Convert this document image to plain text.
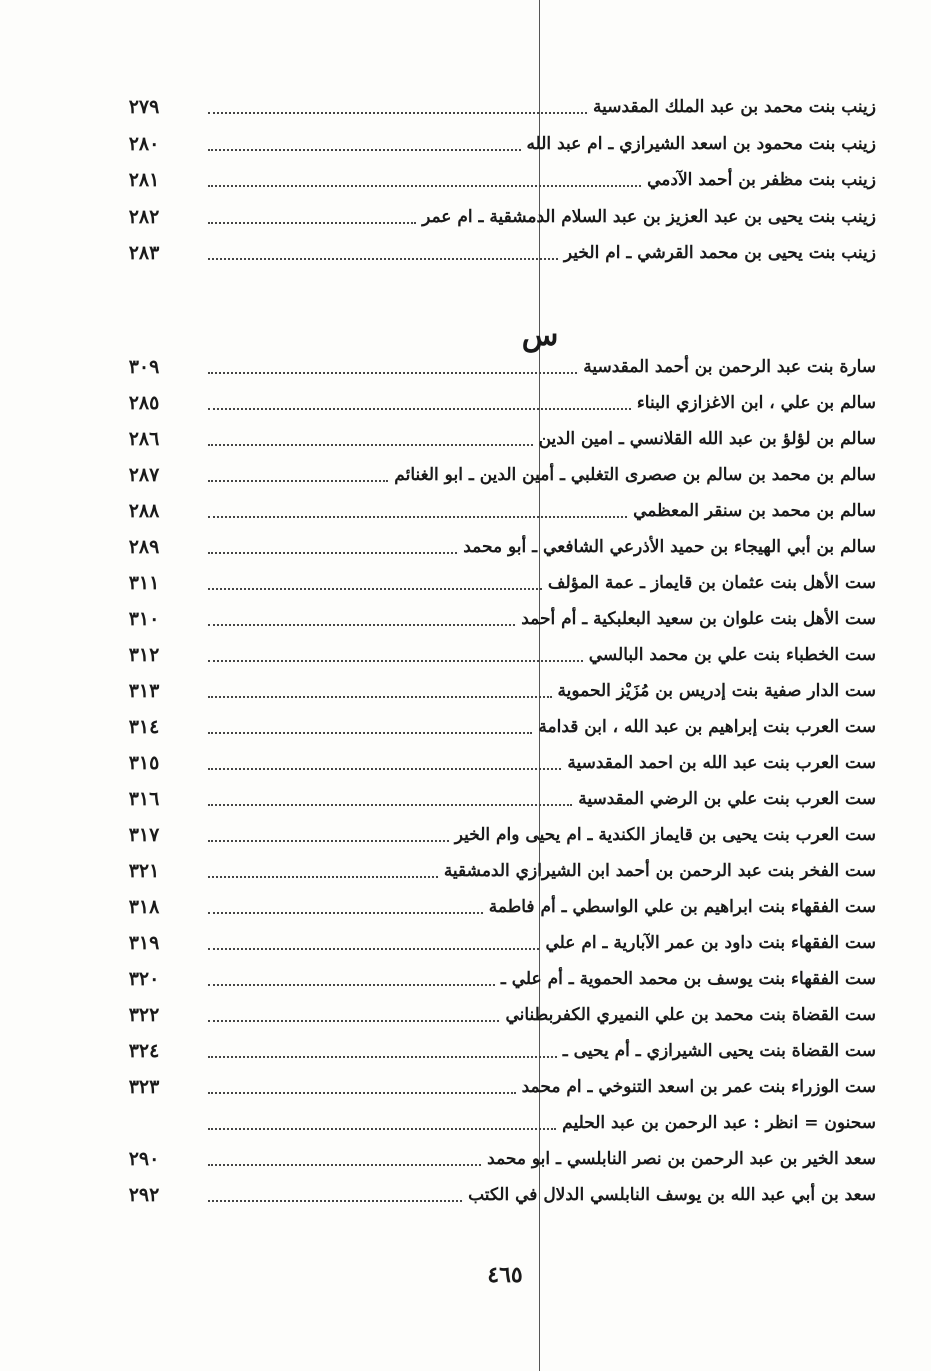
زينب بنت محمد بن عبد الملك المقدسية
٢٧٩
زينب بنت محمود بن اسعد الشيرازي ـ ام عبد الله
٢٨٠
زينب بنت مظفر بن أحمد الآدمي
٢٨١
زينب بنت يحيى بن عبد العزيز بن عبد السلام الدمشقية ـ ام عمر
٢٨٢
زينب بنت يحيى بن محمد القرشي ـ ام الخير
٢٨٣
س
سارة بنت عبد الرحمن بن أحمد المقدسية
٣٠٩
سالم بن علي ، ابن الاغزازي البناء
٢٨٥
سالم بن لؤلؤ بن عبد الله القلانسي ـ امين الدين
٢٨٦
سالم بن محمد بن سالم بن صصرى التغلبي ـ أمين الدين ـ ابو الغنائم
٢٨٧
سالم بن محمد بن سنقر المعظمي
٢٨٨
سالم بن أبي الهيجاء بن حميد الأذرعي الشافعي ـ أبو محمد
٢٨٩
ست الأهل بنت عثمان بن قايماز ـ عمة المؤلف
٣١١
ست الأهل بنت علوان بن سعيد البعلبكية ـ أم أحمد
٣١٠
ست الخطباء بنت علي بن محمد البالسي
٣١٢
ست الدار صفية بنت إدريس بن مُزَيْز الحموية
٣١٣
ست العرب بنت إبراهيم بن عبد الله ، ابن قدامة
٣١٤
ست العرب بنت عبد الله بن احمد المقدسية
٣١٥
ست العرب بنت علي بن الرضي المقدسية
٣١٦
ست العرب بنت يحيى بن قايماز الكندية ـ ام يحيى وام الخير
٣١٧
ست الفخر بنت عبد الرحمن بن أحمد ابن الشيرازي الدمشقية
٣٢١
ست الفقهاء بنت ابراهيم بن علي الواسطي ـ أم فاطمة
٣١٨
ست الفقهاء بنت داود بن عمر الآبارية ـ ام علي
٣١٩
ست الفقهاء بنت يوسف بن محمد الحموية ـ أم علي ـ
٣٢٠
ست القضاة بنت محمد بن علي النميري الكفربطناني
٣٢٢
ست القضاة بنت يحيى الشيرازي ـ أم يحيى ـ
٣٢٤
ست الوزراء بنت عمر بن اسعد التنوخي ـ ام محمد
٣٢٣
سحنون = انظر : عبد الرحمن بن عبد الحليم
سعد الخير بن عبد الرحمن بن نصر النابلسي ـ ابو محمد
٢٩٠
سعد بن أبي عبد الله بن يوسف النابلسي الدلال في الكتب
٢٩٢
٤٦٥
